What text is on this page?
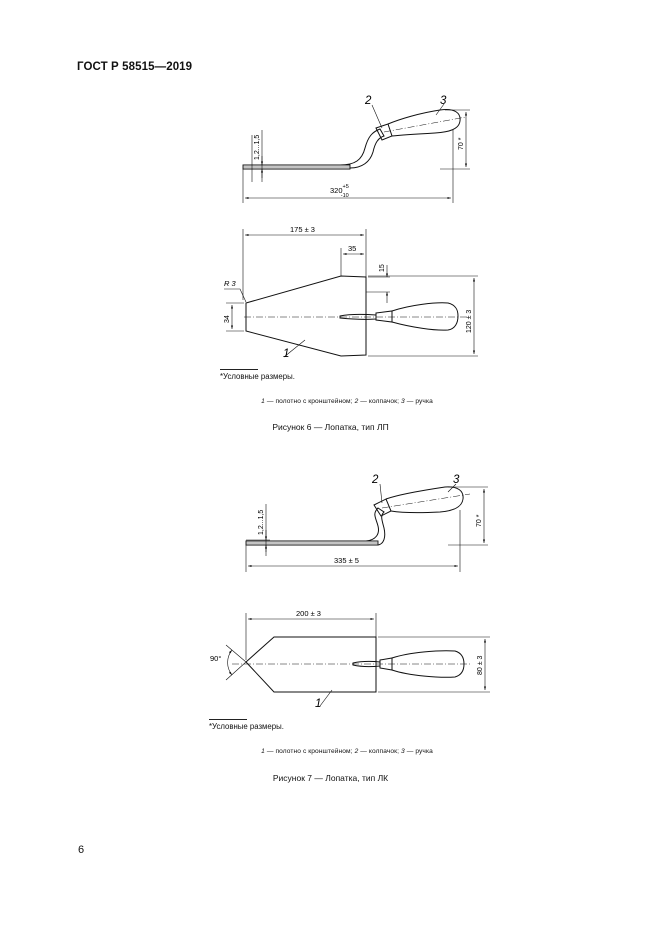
ГОСТ Р 58515—2019
2	3
1,2...1,5	70 *
$320^{+5}$ -10
175 ± 3
35
15
R 3
34	120 ± 3
1
2	3
1,2...1,5	70 *
335 ± 5
200 ± 3
90°	80 ± 3
1
*Условные размеры.
1 — полотно с кронштейном; 2 — колпачок; 3 — ручка
Рисунок 6 — Лопатка, тип ЛП
*Условные размеры.
1 — полотно с кронштейном; 2 — колпачок; 3 — ручка
Рисунок 7 — Лопатка, тип ЛК
6
